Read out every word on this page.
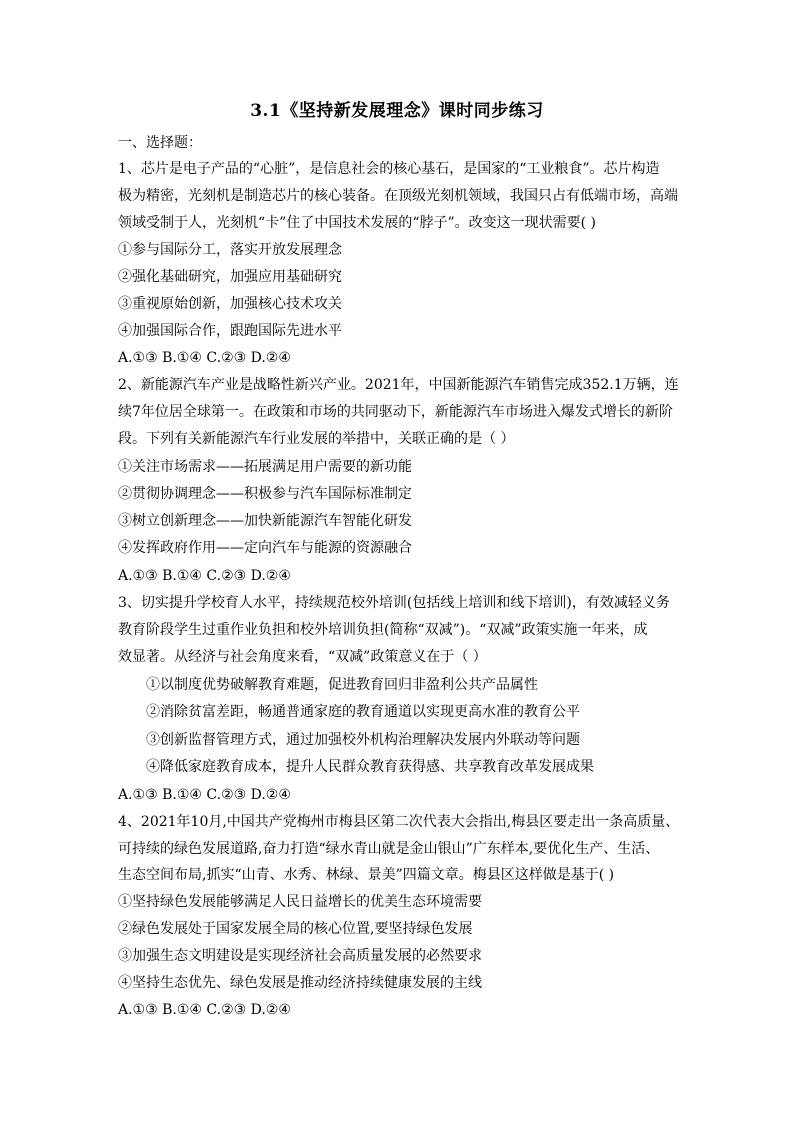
3.1《坚持新发展理念》课时同步练习
一、选择题：
1、芯片是电子产品的“心脏”，是信息社会的核心基石，是国家的“工业粮食”。芯片构造
极为精密，光刻机是制造芯片的核心装备。在顶级光刻机领域，我国只占有低端市场，高端
领域受制于人，光刻机“卡”住了中国技术发展的“脖子”。改变这一现状需要( )
①参与国际分工，落实开放发展理念
②强化基础研究，加强应用基础研究
③重视原始创新，加强核心技术攻关
④加强国际合作，跟跑国际先进水平
A.①③ B.①④ C.②③ D.②④
2、新能源汽车产业是战略性新兴产业。2021年，中国新能源汽车销售完成352.1万辆，连
续7年位居全球第一。在政策和市场的共同驱动下，新能源汽车市场进入爆发式增长的新阶
段。下列有关新能源汽车行业发展的举措中，关联正确的是（ ）
①关注市场需求——拓展满足用户需要的新功能
②贯彻协调理念——积极参与汽车国际标准制定
③树立创新理念——加快新能源汽车智能化研发
④发挥政府作用——定向汽车与能源的资源融合
A.①③ B.①④ C.②③ D.②④
3、切实提升学校育人水平，持续规范校外培训(包括线上培训和线下培训)，有效减轻义务
教育阶段学生过重作业负担和校外培训负担(简称“双减”)。“双减”政策实施一年来，成
效显著。从经济与社会角度来看，“双减”政策意义在于（ ）
①以制度优势破解教育难题，促进教育回归非盈利公共产品属性
②消除贫富差距，畅通普通家庭的教育通道以实现更高水准的教育公平
③创新监督管理方式，通过加强校外机构治理解决发展内外联动等问题
④降低家庭教育成本，提升人民群众教育获得感、共享教育改革发展成果
A.①③ B.①④ C.②③ D.②④
4、2021年10月,中国共产党梅州市梅县区第二次代表大会指出,梅县区要走出一条高质量、
可持续的绿色发展道路,奋力打造“绿水青山就是金山银山”广东样本,要优化生产、生活、
生态空间布局,抓实“山青、水秀、林绿、景美”四篇文章。梅县区这样做是基于( )
①坚持绿色发展能够满足人民日益增长的优美生态环境需要
②绿色发展处于国家发展全局的核心位置,要坚持绿色发展
③加强生态文明建设是实现经济社会高质量发展的必然要求
④坚持生态优先、绿色发展是推动经济持续健康发展的主线
A.①③ B.①④ C.②③ D.②④
